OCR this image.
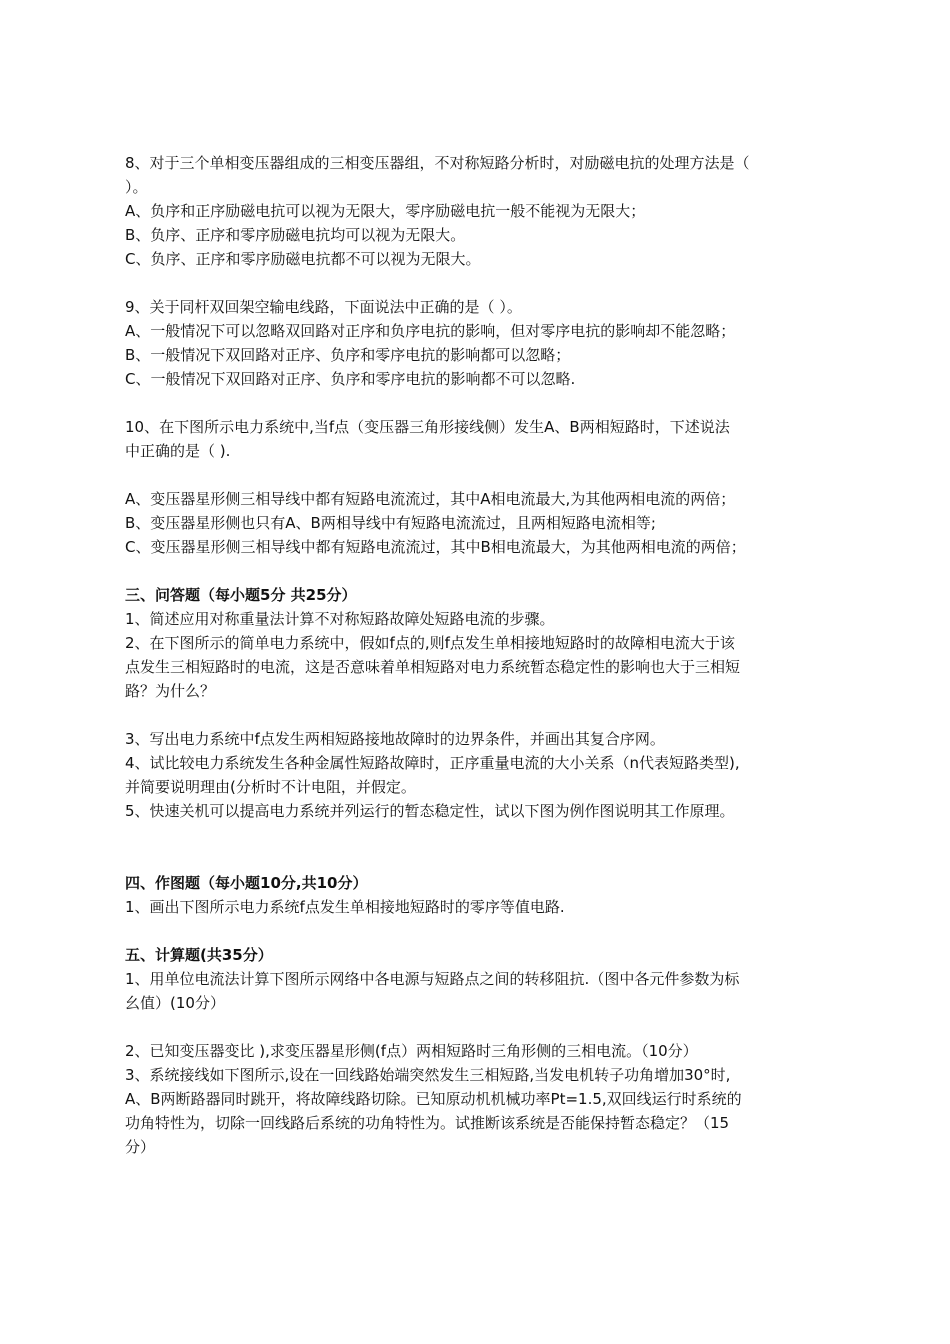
8、对于三个单相变压器组成的三相变压器组，不对称短路分析时，对励磁电抗的处理方法是（
）。
A、负序和正序励磁电抗可以视为无限大，零序励磁电抗一般不能视为无限大；
B、负序、正序和零序励磁电抗均可以视为无限大。
C、负序、正序和零序励磁电抗都不可以视为无限大。
9、关于同杆双回架空输电线路，下面说法中正确的是（ ）。
A、一般情况下可以忽略双回路对正序和负序电抗的影响，但对零序电抗的影响却不能忽略；
B、一般情况下双回路对正序、负序和零序电抗的影响都可以忽略；
C、一般情况下双回路对正序、负序和零序电抗的影响都不可以忽略.
10、在下图所示电力系统中,当f点（变压器三角形接线侧）发生A、B两相短路时，下述说法
中正确的是（ ).
A、变压器星形侧三相导线中都有短路电流流过，其中A相电流最大,为其他两相电流的两倍；
B、变压器星形侧也只有A、B两相导线中有短路电流流过，且两相短路电流相等;
C、变压器星形侧三相导线中都有短路电流流过，其中B相电流最大，为其他两相电流的两倍；
三、问答题（每小题5分 共25分）
1、简述应用对称重量法计算不对称短路故障处短路电流的步骤。
2、在下图所示的简单电力系统中，假如f点的,则f点发生单相接地短路时的故障相电流大于该
点发生三相短路时的电流，这是否意味着单相短路对电力系统暂态稳定性的影响也大于三相短
路？为什么？
3、写出电力系统中f点发生两相短路接地故障时的边界条件，并画出其复合序网。
4、试比较电力系统发生各种金属性短路故障时，正序重量电流的大小关系（n代表短路类型),
并简要说明理由(分析时不计电阻，并假定。
5、快速关机可以提高电力系统并列运行的暂态稳定性，试以下图为例作图说明其工作原理。
四、作图题（每小题10分,共10分）
1、画出下图所示电力系统f点发生单相接地短路时的零序等值电路.
五、计算题(共35分）
1、用单位电流法计算下图所示网络中各电源与短路点之间的转移阻抗.（图中各元件参数为标
幺值）(10分）
2、已知变压器变比 ),求变压器星形侧(f点）两相短路时三角形侧的三相电流。（10分）
3、系统接线如下图所示,设在一回线路始端突然发生三相短路,当发电机转子功角增加30°时,
A、B两断路器同时跳开，将故障线路切除。已知原动机机械功率Pt=1.5,双回线运行时系统的
功角特性为，切除一回线路后系统的功角特性为。试推断该系统是否能保持暂态稳定？（15
分）
